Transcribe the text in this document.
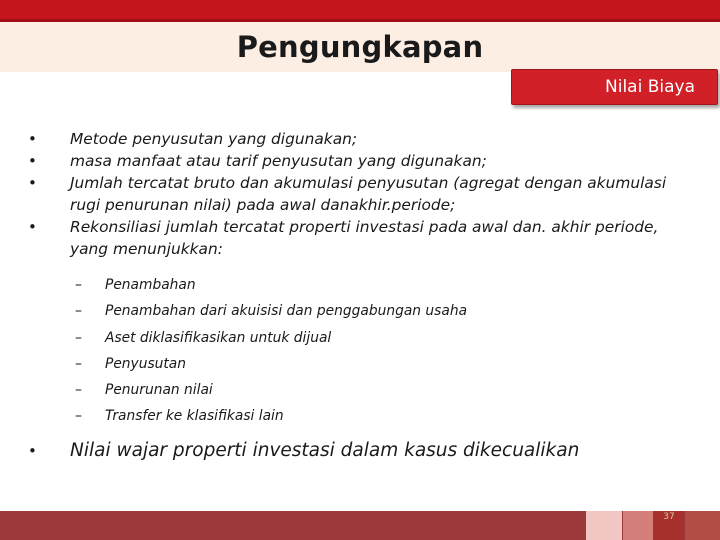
Pengungkapan
Nilai Biaya
• Metode penyusutan yang digunakan;
• masa manfaat atau tarif penyusutan yang digunakan;
• Jumlah tercatat bruto dan akumulasi penyusutan (agregat dengan akumulasi rugi penurunan nilai) pada awal danakhir.periode;
• Rekonsiliasi jumlah tercatat properti investasi pada awal dan. akhir periode, yang menunjukkan:
– Penambahan
– Penambahan dari akuisisi dan penggabungan usaha
– Aset diklasifikasikan untuk dijual
– Penyusutan
– Penurunan nilai
– Transfer ke klasifikasi lain
• Nilai wajar properti investasi dalam kasus dikecualikan
37
